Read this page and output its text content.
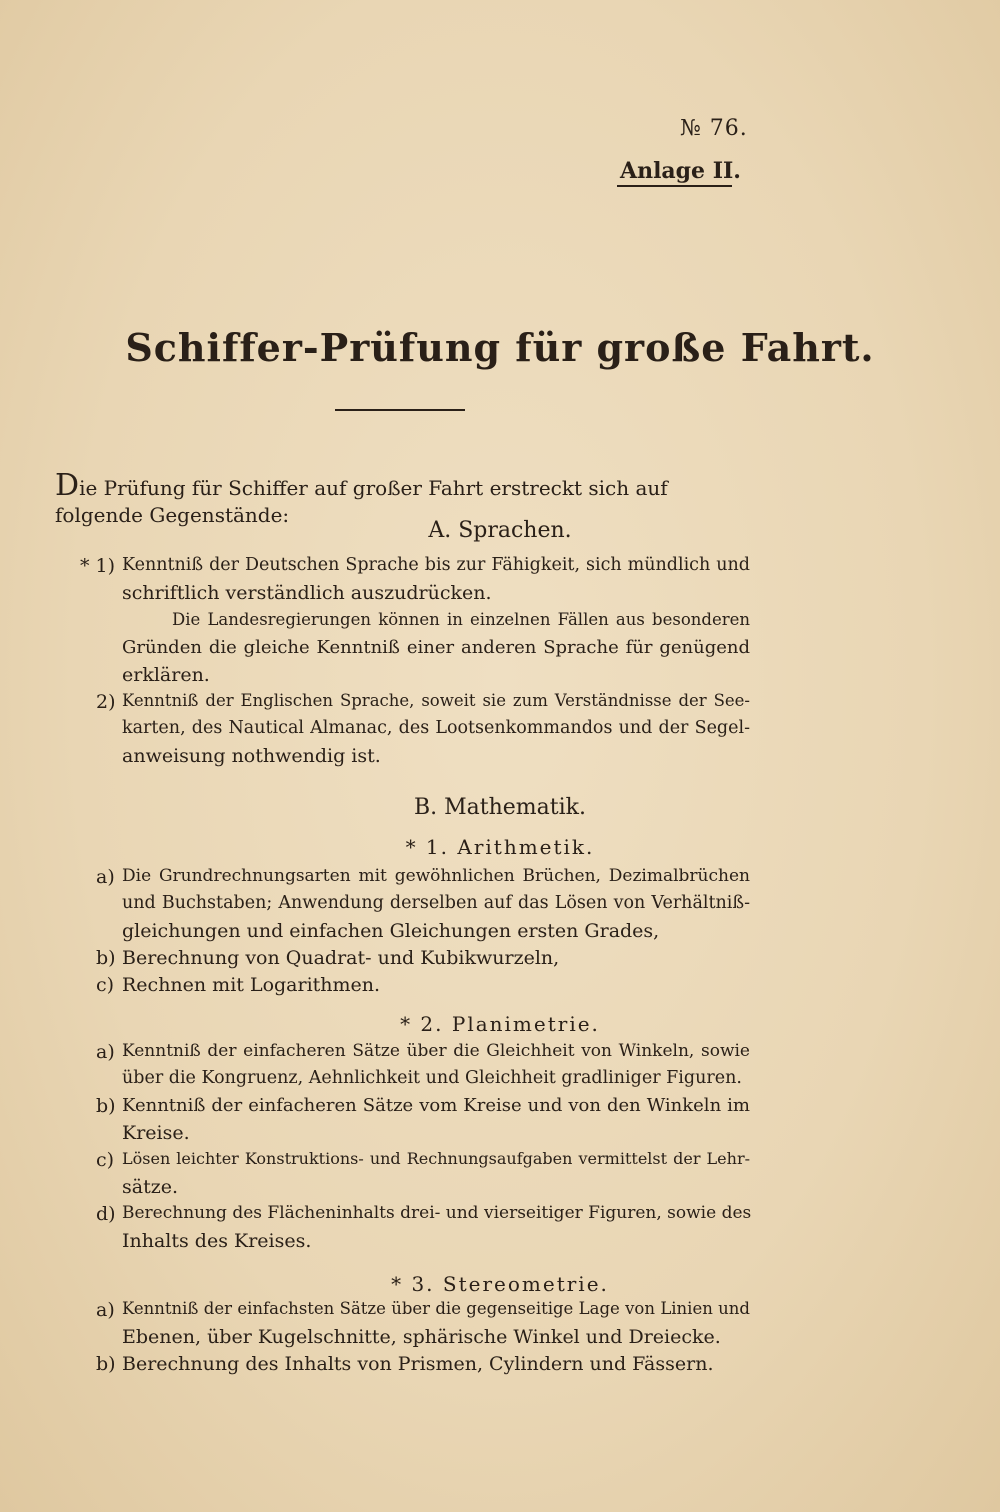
№ 76.
Anlage II.
Schiffer-Prüfung für große Fahrt.
Die Prüfung für Schiffer auf großer Fahrt erstreckt sich auf folgende Gegenstände:
A. Sprachen.
* 1) Kenntniß der Deutschen Sprache bis zur Fähigkeit, sich mündlich und
schriftlich verständlich auszudrücken.
Die Landesregierungen können in einzelnen Fällen aus besonderen
Gründen die gleiche Kenntniß einer anderen Sprache für genügend
erklären.
2) Kenntniß der Englischen Sprache, soweit sie zum Verständnisse der See-
karten, des Nautical Almanac, des Lootsenkommandos und der Segel-
anweisung nothwendig ist.
B. Mathematik.
* 1. Arithmetik.
a) Die Grundrechnungsarten mit gewöhnlichen Brüchen, Dezimalbrüchen
und Buchstaben; Anwendung derselben auf das Lösen von Verhältniß-
gleichungen und einfachen Gleichungen ersten Grades,
b) Berechnung von Quadrat- und Kubikwurzeln,
c) Rechnen mit Logarithmen.
* 2. Planimetrie.
a) Kenntniß der einfacheren Sätze über die Gleichheit von Winkeln, sowie
über die Kongruenz, Aehnlichkeit und Gleichheit gradliniger Figuren.
b) Kenntniß der einfacheren Sätze vom Kreise und von den Winkeln im
Kreise.
c) Lösen leichter Konstruktions- und Rechnungsaufgaben vermittelst der Lehr-
sätze.
d) Berechnung des Flächeninhalts drei- und vierseitiger Figuren, sowie des
Inhalts des Kreises.
* 3. Stereometrie.
a) Kenntniß der einfachsten Sätze über die gegenseitige Lage von Linien und
Ebenen, über Kugelschnitte, sphärische Winkel und Dreiecke.
b) Berechnung des Inhalts von Prismen, Cylindern und Fässern.
